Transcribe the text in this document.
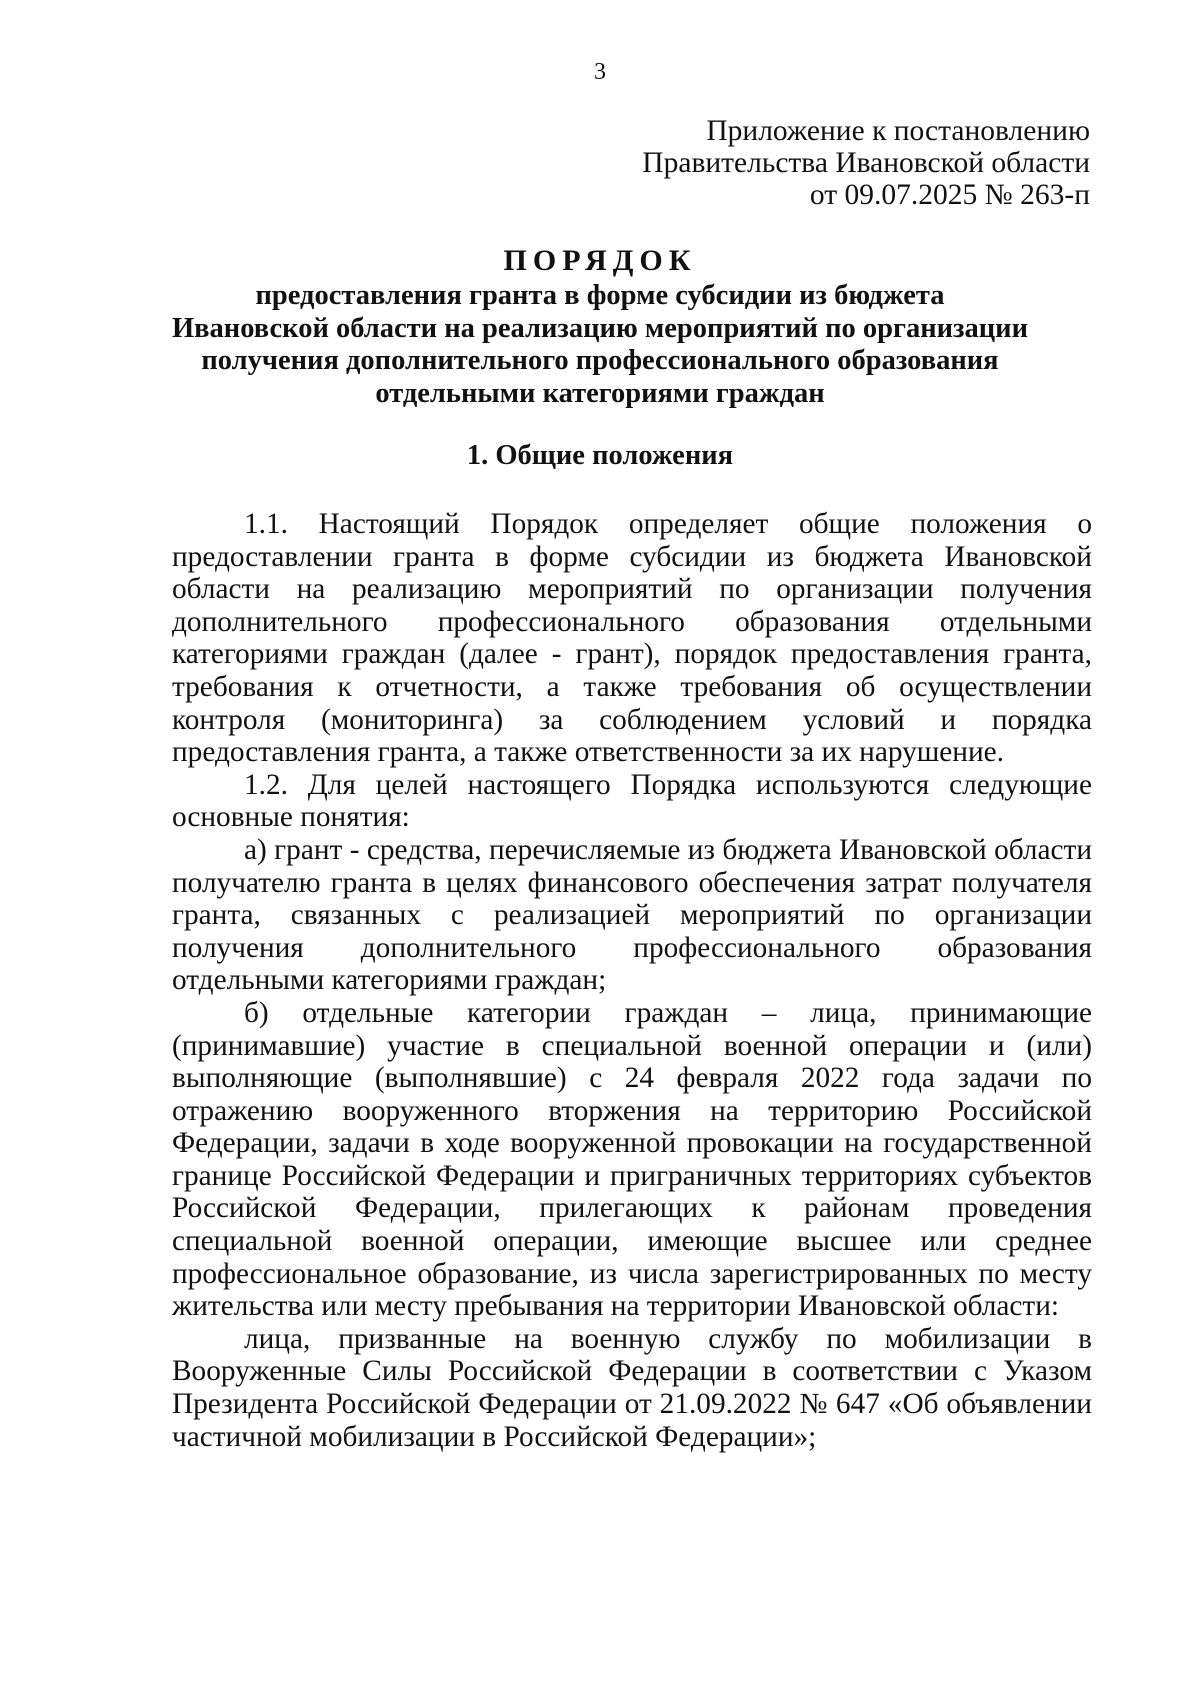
3
Приложение к постановлению
Правительства Ивановской области
от 09.07.2025 № 263-п
ПОРЯДОК
предоставления гранта в форме субсидии из бюджета
Ивановской области на реализацию мероприятий по организации
получения дополнительного профессионального образования
отдельными категориями граждан
1. Общие положения

1.1. Настоящий Порядок определяет общие положения о предоставлении гранта в форме субсидии из бюджета Ивановской области на реализацию мероприятий по организации получения дополнительного профессионального образования отдельными категориями граждан (далее - грант), порядок предоставления гранта, требования к отчетности, а также требования об осуществлении контроля (мониторинга) за соблюдением условий и порядка предоставления гранта, а также ответственности за их нарушение.

1.2. Для целей настоящего Порядка используются следующие основные понятия:

а) грант - средства, перечисляемые из бюджета Ивановской области получателю гранта в целях финансового обеспечения затрат получателя гранта, связанных с реализацией мероприятий по организации получения дополнительного профессионального образования отдельными категориями граждан;

б) отдельные категории граждан – лица, принимающие (принимавшие) участие в специальной военной операции и (или) выполняющие (выполнявшие) с 24 февраля 2022 года задачи по отражению вооруженного вторжения на территорию Российской Федерации, задачи в ходе вооруженной провокации на государственной границе Российской Федерации и приграничных территориях субъектов Российской Федерации, прилегающих к районам проведения специальной военной операции, имеющие высшее или среднее профессиональное образование, из числа зарегистрированных по месту жительства или месту пребывания на территории Ивановской области:

лица, призванные на военную службу по мобилизации в Вооруженные Силы Российской Федерации в соответствии с Указом Президента Российской Федерации от 21.09.2022 № 647 «Об объявлении частичной мобилизации в Российской Федерации»;
